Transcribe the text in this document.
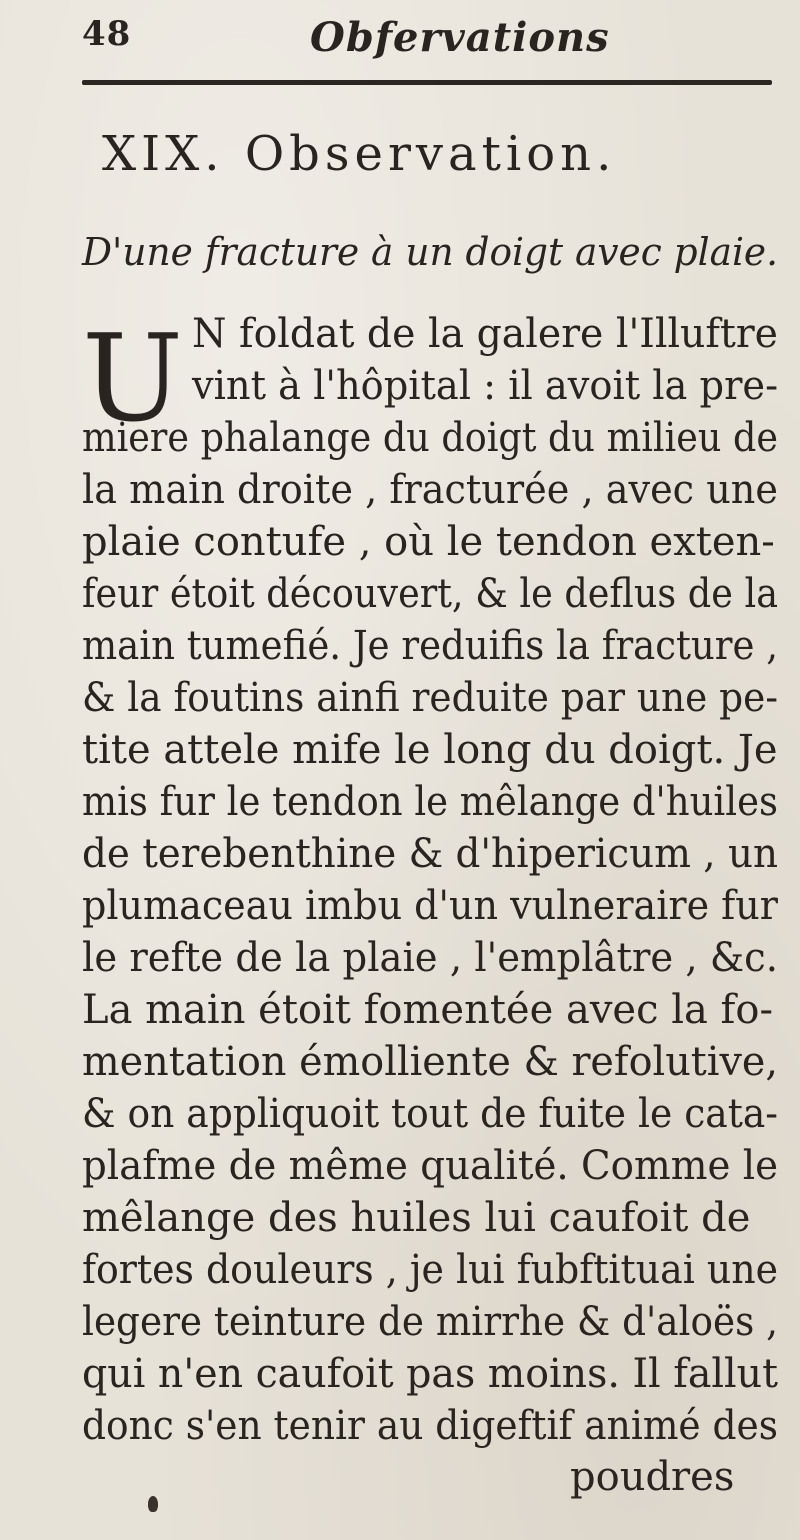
48	Obfervations
XIX. Observation.
D'une fracture à un doigt avec plaie.
U N foldat de la galere l'Illuftre
vint à l'hôpital : il avoit la pre-
miere phalange du doigt du milieu de
la main droite , fracturée , avec une
plaie contufe , où le tendon exten-
feur étoit découvert, & le deflus de la
main tumefié. Je reduifis la fracture ,
& la foutins ainfi reduite par une pe-
tite attele mife le long du doigt. Je
mis fur le tendon le mêlange d'huiles
de terebenthine & d'hipericum , un
plumaceau imbu d'un vulneraire fur
le refte de la plaie , l'emplâtre , &c.
La main étoit fomentée avec la fo-
mentation émolliente & refolutive,
& on appliquoit tout de fuite le cata-
plafme de même qualité. Comme le
mêlange des huiles lui caufoit de
fortes douleurs , je lui fubftituai une
legere teinture de mirrhe & d'aloës ,
qui n'en caufoit pas moins. Il fallut
donc s'en tenir au digeftif animé des
poudres
